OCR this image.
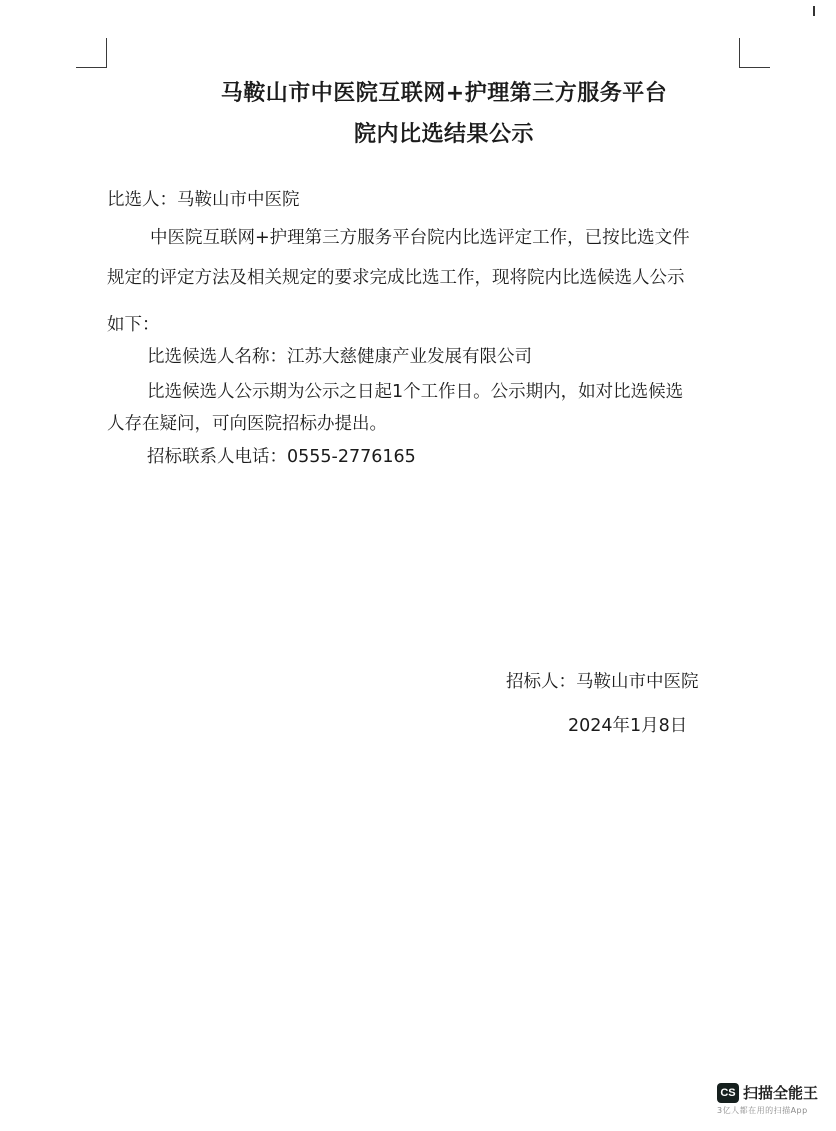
马鞍山市中医院互联网+护理第三方服务平台
院内比选结果公示
比选人：马鞍山市中医院
中医院互联网+护理第三方服务平台院内比选评定工作，已按比选文件
规定的评定方法及相关规定的要求完成比选工作，现将院内比选候选人公示
如下：
比选候选人名称：江苏大慈健康产业发展有限公司
比选候选人公示期为公示之日起1个工作日。公示期内，如对比选候选
人存在疑问，可向医院招标办提出。
招标联系人电话：0555-2776165
招标人：马鞍山市中医院
2024年1月8日
CS 扫描全能王
3亿人都在用的扫描App
